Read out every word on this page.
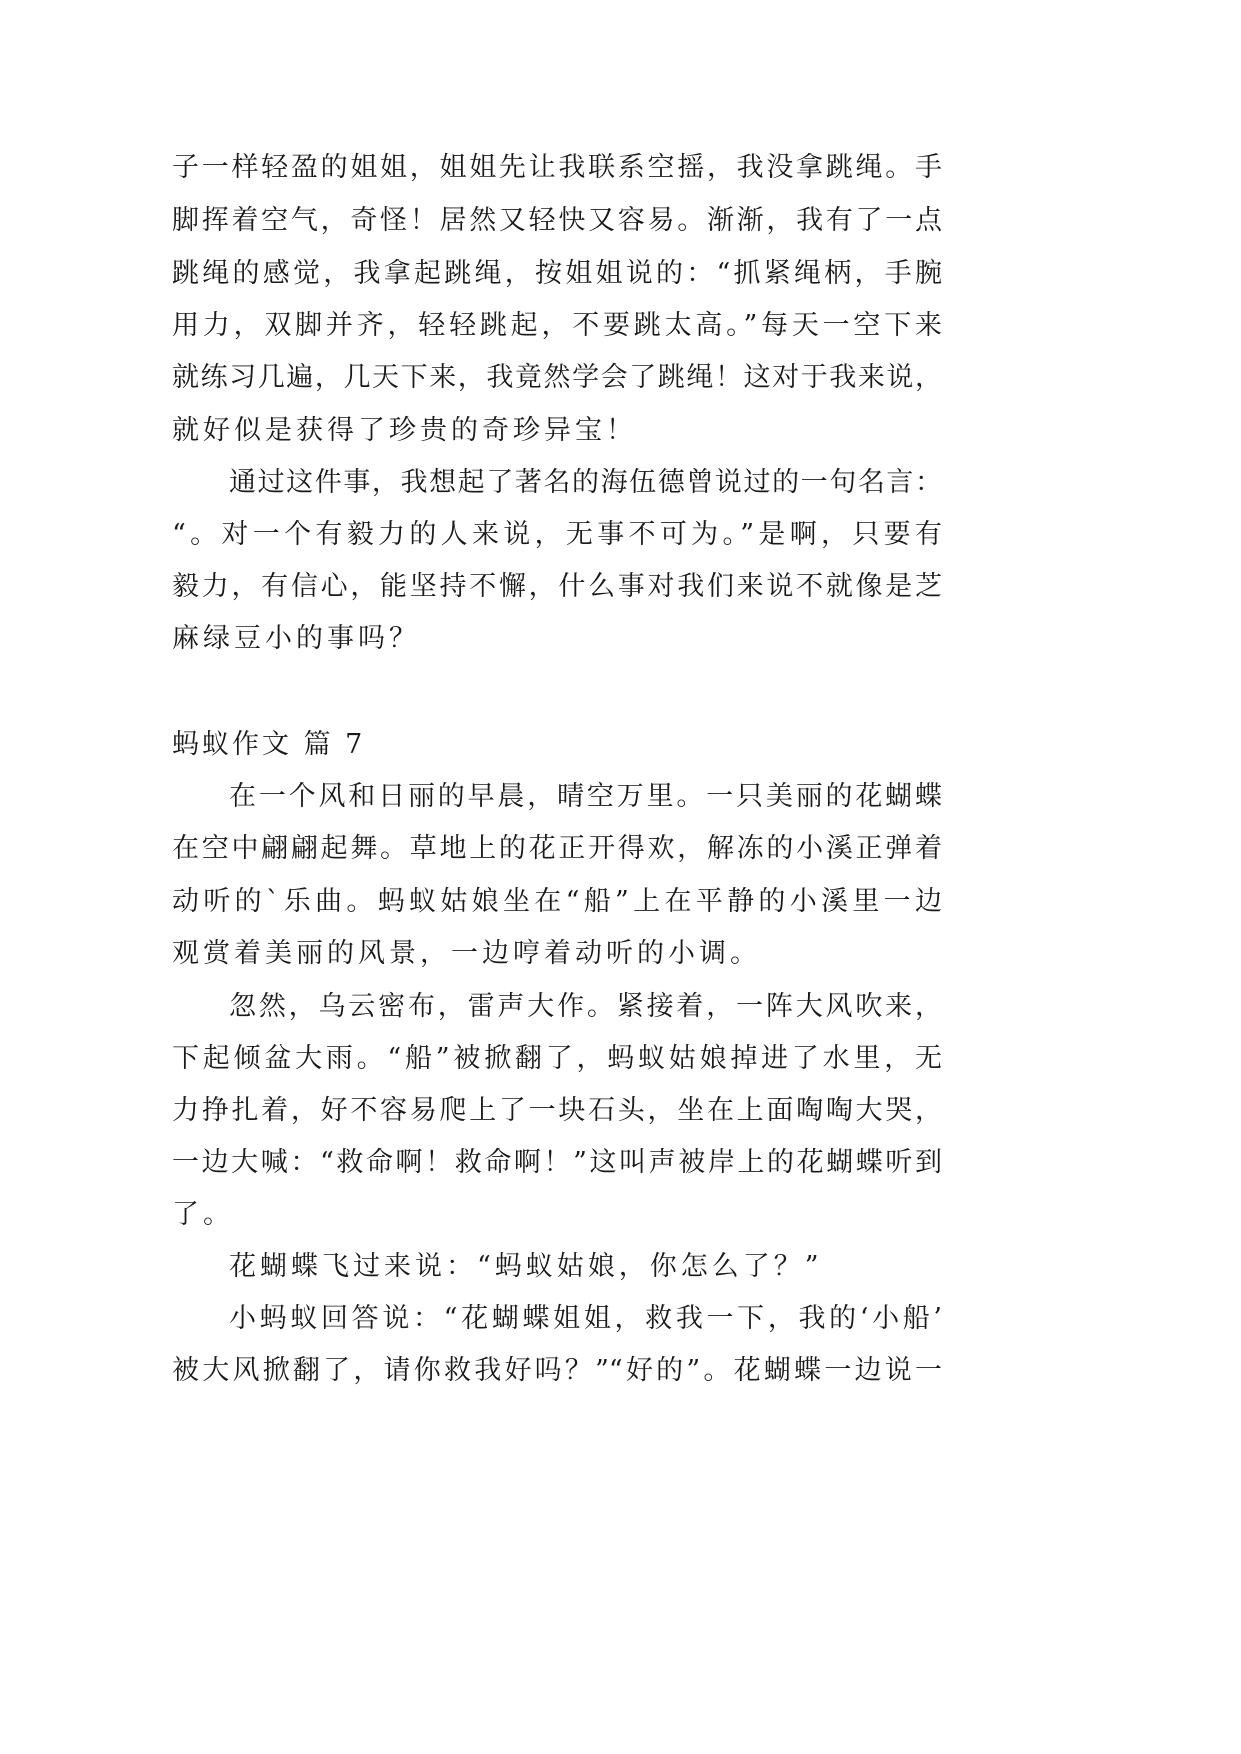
子一样轻盈的姐姐，姐姐先让我联系空摇，我没拿跳绳。手
脚挥着空气，奇怪！居然又轻快又容易。渐渐，我有了一点
跳绳的感觉，我拿起跳绳，按姐姐说的：“抓紧绳柄，手腕
用力，双脚并齐，轻轻跳起，不要跳太高。”每天一空下来
就练习几遍，几天下来，我竟然学会了跳绳！这对于我来说，
就好似是获得了珍贵的奇珍异宝！
通过这件事，我想起了著名的海伍德曾说过的一句名言：
“。对一个有毅力的人来说，无事不可为。”是啊，只要有
毅力，有信心，能坚持不懈，什么事对我们来说不就像是芝
麻绿豆小的事吗？
蚂蚁作文 篇 7
在一个风和日丽的早晨，晴空万里。一只美丽的花蝴蝶
在空中翩翩起舞。草地上的花正开得欢，解冻的小溪正弹着
动听的`乐曲。蚂蚁姑娘坐在“船”上在平静的小溪里一边
观赏着美丽的风景，一边哼着动听的小调。
忽然，乌云密布，雷声大作。紧接着，一阵大风吹来，
下起倾盆大雨。“船”被掀翻了，蚂蚁姑娘掉进了水里，无
力挣扎着，好不容易爬上了一块石头，坐在上面啕啕大哭，
一边大喊：“救命啊！救命啊！”这叫声被岸上的花蝴蝶听到
了。
花蝴蝶飞过来说：“蚂蚁姑娘，你怎么了？”
小蚂蚁回答说：“花蝴蝶姐姐，救我一下，我的‘小船’
被大风掀翻了，请你救我好吗？”“好的”。花蝴蝶一边说一
